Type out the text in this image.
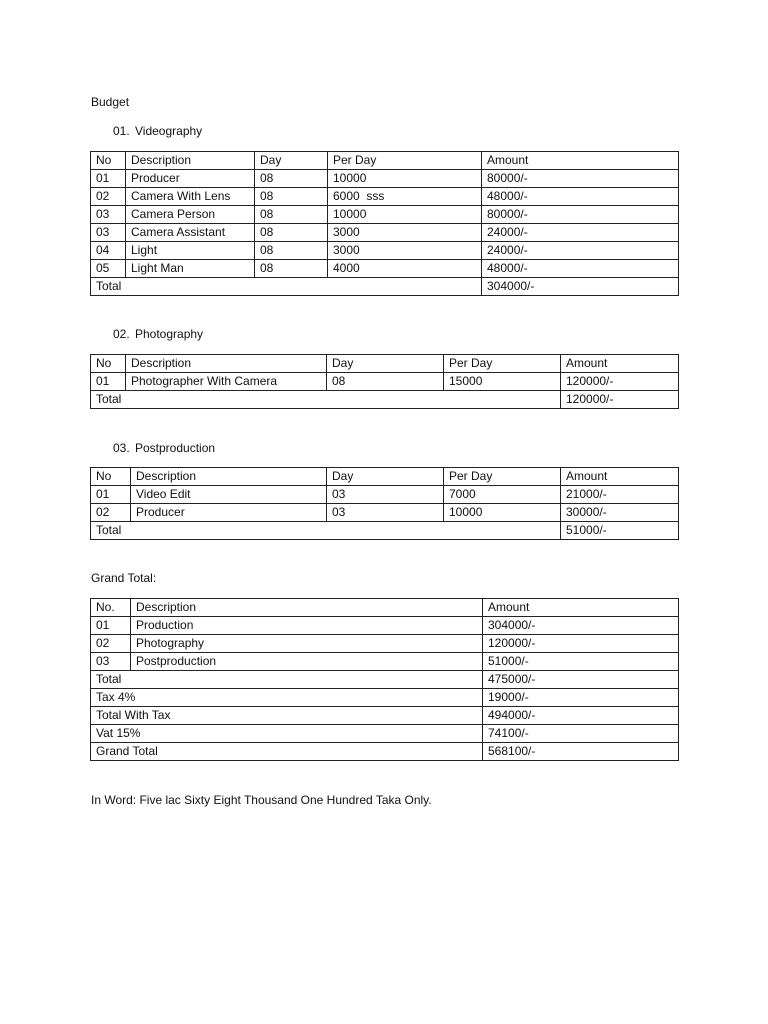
Budget
01. Videography
No	Description	Day	Per Day	Amount
01	Producer	08	10000	80000/-
02	Camera With Lens	08	6000  sss	48000/-
03	Camera Person	08	10000	80000/-
03	Camera Assistant	08	3000	24000/-
04	Light	08	3000	24000/-
05	Light Man	08	4000	48000/-
Total				304000/-
02. Photography
No	Description	Day	Per Day	Amount
01	Photographer With Camera	08	15000	120000/-
Total				120000/-
03. Postproduction
No	Description	Day	Per Day	Amount
01	Video Edit	03	7000	21000/-
02	Producer	03	10000	30000/-
Total				51000/-
Grand Total:
No.	Description	Amount
01	Production	304000/-
02	Photography	120000/-
03	Postproduction	51000/-
Total		475000/-
Tax 4%		19000/-
Total With Tax		494000/-
Vat 15%		74100/-
Grand Total		568100/-
In Word: Five lac Sixty Eight Thousand One Hundred Taka Only.
